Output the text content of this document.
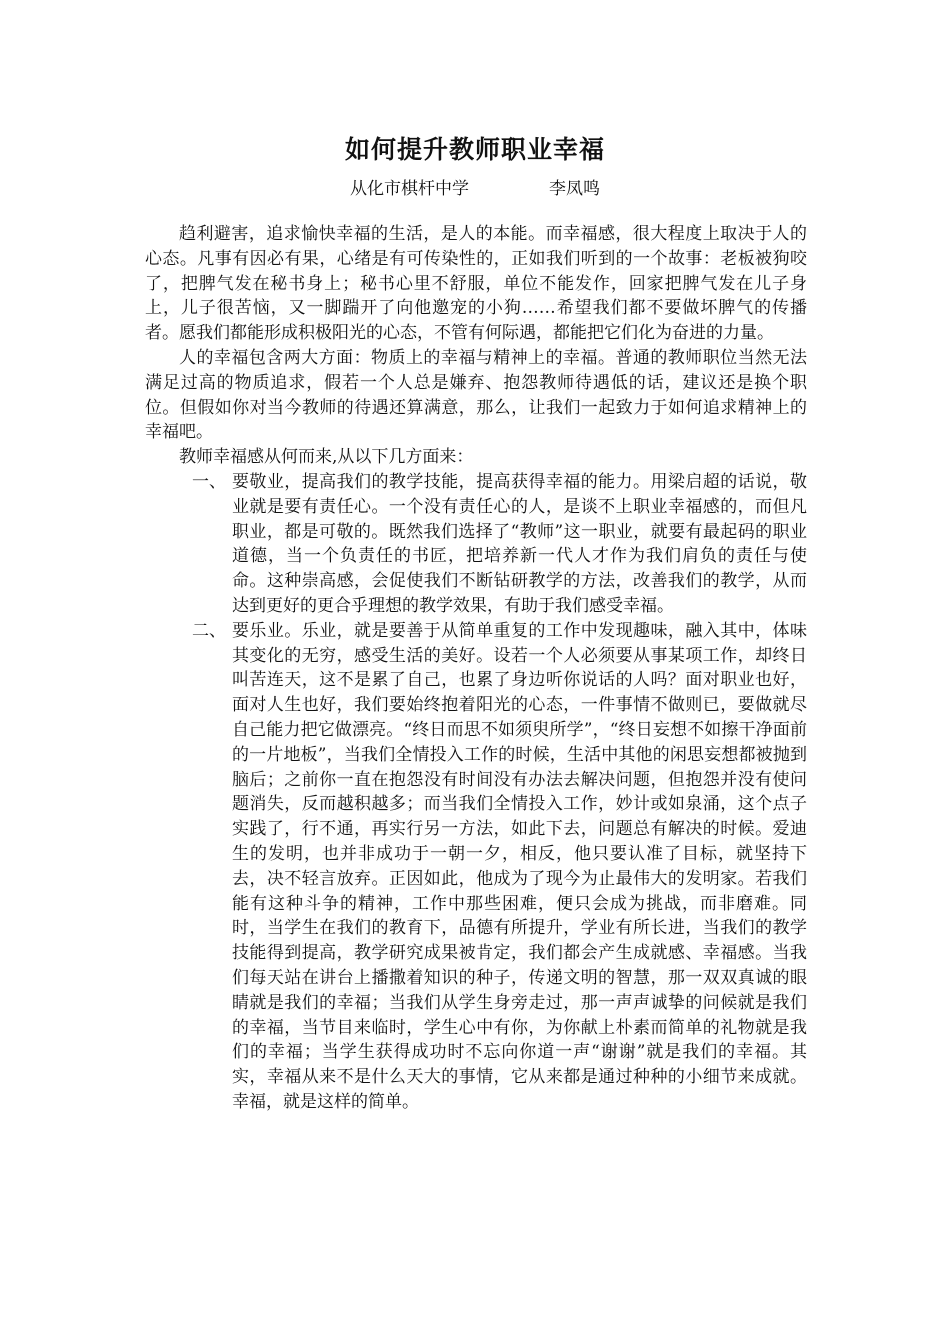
如何提升教师职业幸福
从化市棋杆中学	李凤鸣

趋利避害，追求愉快幸福的生活，是人的本能。而幸福感，很大程度上取决于人的心态。凡事有因必有果，心绪是有可传染性的，正如我们听到的一个故事：老板被狗咬了，把脾气发在秘书身上；秘书心里不舒服，单位不能发作，回家把脾气发在儿子身上，儿子很苦恼，又一脚踹开了向他邀宠的小狗……希望我们都不要做坏脾气的传播者。愿我们都能形成积极阳光的心态，不管有何际遇，都能把它们化为奋进的力量。

人的幸福包含两大方面：物质上的幸福与精神上的幸福。普通的教师职位当然无法满足过高的物质追求，假若一个人总是嫌弃、抱怨教师待遇低的话，建议还是换个职位。但假如你对当今教师的待遇还算满意，那么，让我们一起致力于如何追求精神上的幸福吧。

教师幸福感从何而来,从以下几方面来：

一、 要敬业，提高我们的教学技能，提高获得幸福的能力。用梁启超的话说，敬业就是要有责任心。一个没有责任心的人，是谈不上职业幸福感的，而但凡职业，都是可敬的。既然我们选择了“教师”这一职业，就要有最起码的职业道德，当一个负责任的书匠，把培养新一代人才作为我们肩负的责任与使命。这种崇高感，会促使我们不断钻研教学的方法，改善我们的教学，从而达到更好的更合乎理想的教学效果，有助于我们感受幸福。
二、 要乐业。乐业，就是要善于从简单重复的工作中发现趣味，融入其中，体味其变化的无穷，感受生活的美好。设若一个人必须要从事某项工作，却终日叫苦连天，这不是累了自己，也累了身边听你说话的人吗？面对职业也好，面对人生也好，我们要始终抱着阳光的心态，一件事情不做则已，要做就尽自己能力把它做漂亮。“终日而思不如须臾所学”，“终日妄想不如擦干净面前的一片地板”，当我们全情投入工作的时候，生活中其他的闲思妄想都被抛到脑后；之前你一直在抱怨没有时间没有办法去解决问题，但抱怨并没有使问题消失，反而越积越多；而当我们全情投入工作，妙计或如泉涌，这个点子实践了，行不通，再实行另一方法，如此下去，问题总有解决的时候。爱迪生的发明，也并非成功于一朝一夕，相反，他只要认准了目标，就坚持下去，决不轻言放弃。正因如此，他成为了现今为止最伟大的发明家。若我们能有这种斗争的精神，工作中那些困难，便只会成为挑战，而非磨难。同时，当学生在我们的教育下，品德有所提升，学业有所长进，当我们的教学技能得到提高，教学研究成果被肯定，我们都会产生成就感、幸福感。当我们每天站在讲台上播撒着知识的种子，传递文明的智慧，那一双双真诚的眼睛就是我们的幸福；当我们从学生身旁走过，那一声声诚挚的问候就是我们的幸福，当节目来临时，学生心中有你，为你献上朴素而简单的礼物就是我们的幸福；当学生获得成功时不忘向你道一声“谢谢”就是我们的幸福。其实，幸福从来不是什么天大的事情，它从来都是通过种种的小细节来成就。幸福，就是这样的简单。
